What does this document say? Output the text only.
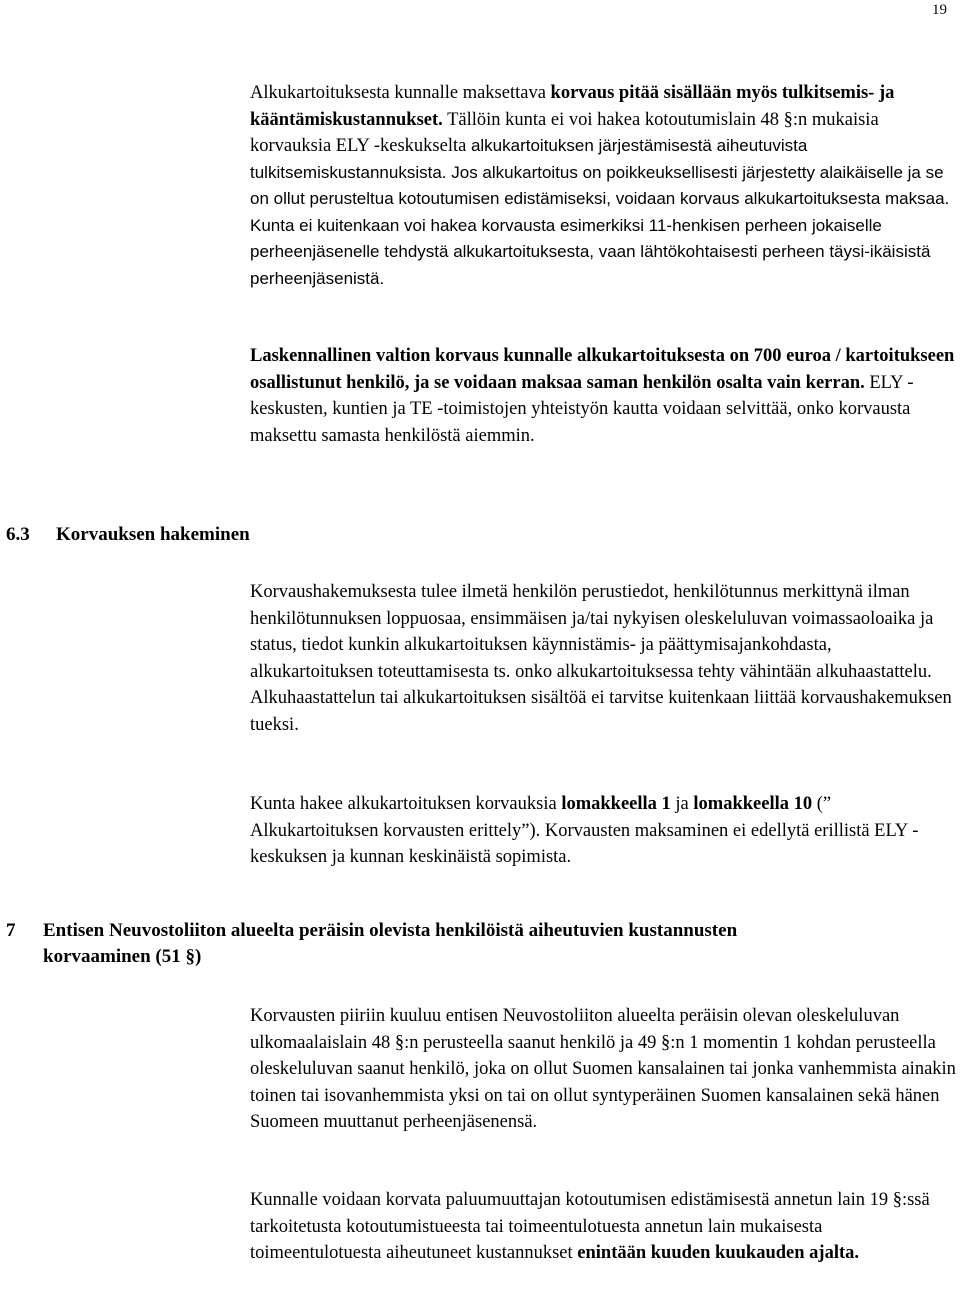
19

Alkukartoituksesta kunnalle maksettava korvaus pitää sisällään myös tulkitsemis- ja kääntämiskustannukset. Tällöin kunta ei voi hakea kotoutumislain 48 §:n mukaisia korvauksia ELY -keskukselta alkukartoituksen järjestämisestä aiheutuvista tulkitsemiskustannuksista. Jos alkukartoitus on poikkeuksellisesti järjestetty alaikäiselle ja se on ollut perusteltua kotoutumisen edistämiseksi, voidaan korvaus alkukartoituksesta maksaa. Kunta ei kuitenkaan voi hakea korvausta esimerkiksi 11-henkisen perheen jokaiselle perheenjäsenelle tehdystä alkukartoituksesta, vaan lähtökohtaisesti perheen täysi-ikäisistä perheenjäsenistä.

Laskennallinen valtion korvaus kunnalle alkukartoituksesta on 700 euroa / kartoitukseen osallistunut henkilö, ja se voidaan maksaa saman henkilön osalta vain kerran. ELY -keskusten, kuntien ja TE -toimistojen yhteistyön kautta voidaan selvittää, onko korvausta maksettu samasta henkilöstä aiemmin.

6.3 Korvauksen hakeminen

Korvaushakemuksesta tulee ilmetä henkilön perustiedot, henkilötunnus merkittynä ilman henkilötunnuksen loppuosaa, ensimmäisen ja/tai nykyisen oleskeluluvan voimassaoloaika ja status, tiedot kunkin alkukartoituksen käynnistämis- ja päättymisajankohdasta, alkukartoituksen toteuttamisesta ts. onko alkukartoituksessa tehty vähintään alkuhaastattelu. Alkuhaastattelun tai alkukartoituksen sisältöä ei tarvitse kuitenkaan liittää korvaushakemuksen tueksi.

Kunta hakee alkukartoituksen korvauksia lomakkeella 1 ja lomakkeella 10 (” Alkukartoituksen korvausten erittely”). Korvausten maksaminen ei edellytä erillistä ELY -keskuksen ja kunnan keskinäistä sopimista.

7 Entisen Neuvostoliiton alueelta peräisin olevista henkilöistä aiheutuvien kustannusten
korvaaminen (51 §)

Korvausten piiriin kuuluu entisen Neuvostoliiton alueelta peräisin olevan oleskeluluvan ulkomaalaislain 48 §:n perusteella saanut henkilö ja 49 §:n 1 momentin 1 kohdan perusteella oleskeluluvan saanut henkilö, joka on ollut Suomen kansalainen tai jonka vanhemmista ainakin toinen tai isovanhemmista yksi on tai on ollut syntyperäinen Suomen kansalainen sekä hänen Suomeen muuttanut perheenjäsenensä.

Kunnalle voidaan korvata paluumuuttajan kotoutumisen edistämisestä annetun lain 19 §:ssä tarkoitetusta kotoutumistueesta tai toimeentulotuesta annetun lain mukaisesta toimeentulotuesta aiheutuneet kustannukset enintään kuuden kuukauden ajalta.
